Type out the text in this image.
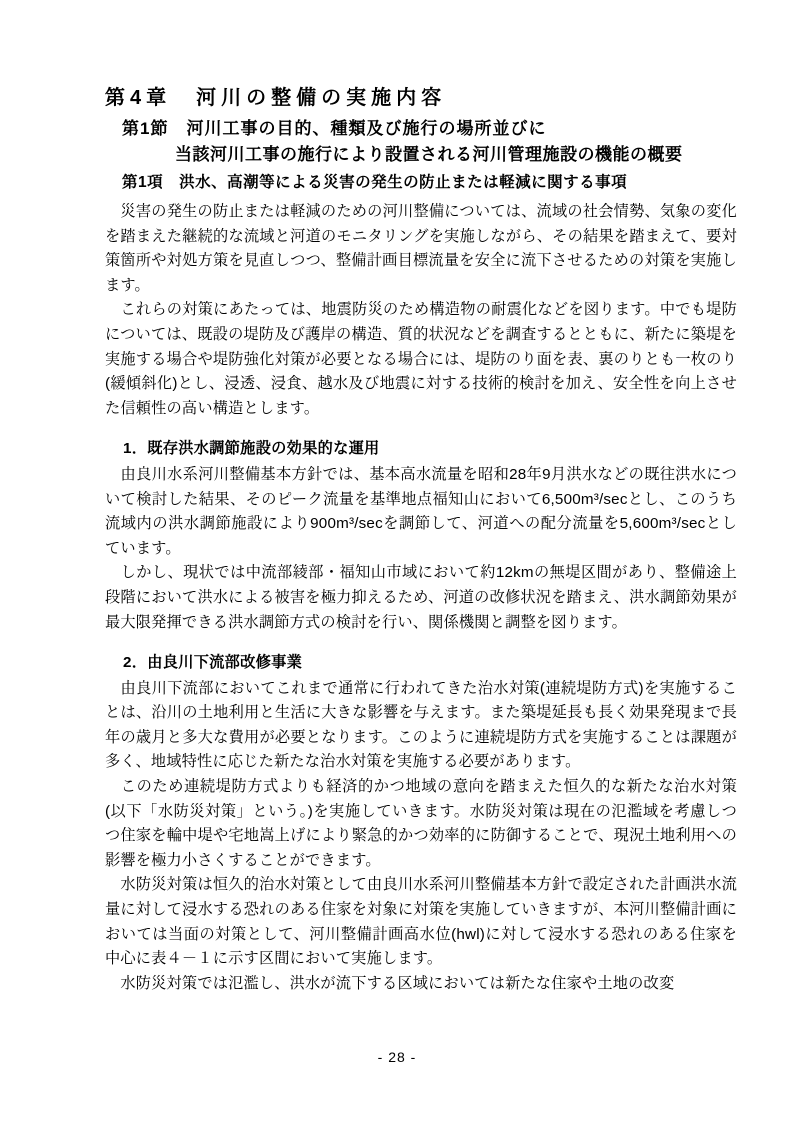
第4章　河川の整備の実施内容
第1節　河川工事の目的、種類及び施行の場所並びに
当該河川工事の施行により設置される河川管理施設の機能の概要
第1項　洪水、高潮等による災害の発生の防止または軽減に関する事項

　災害の発生の防止または軽減のための河川整備については、流域の社会情勢、気象の変化を踏まえた継続的な流域と河道のモニタリングを実施しながら、その結果を踏まえて、要対策箇所や対処方策を見直しつつ、整備計画目標流量を安全に流下させるための対策を実施します。

　これらの対策にあたっては、地震防災のため構造物の耐震化などを図ります。中でも堤防については、既設の堤防及び護岸の構造、質的状況などを調査するとともに、新たに築堤を実施する場合や堤防強化対策が必要となる場合には、堤防のり面を表、裏のりとも一枚のり(緩傾斜化)とし、浸透、浸食、越水及び地震に対する技術的検討を加え、安全性を向上させた信頼性の高い構造とします。

1．既存洪水調節施設の効果的な運用

　由良川水系河川整備基本方針では、基本高水流量を昭和28年9月洪水などの既往洪水について検討した結果、そのピーク流量を基準地点福知山において6,500m³/secとし、このうち流域内の洪水調節施設により900m³/secを調節して、河道への配分流量を5,600m³/secとしています。

　しかし、現状では中流部綾部・福知山市域において約12kmの無堤区間があり、整備途上段階において洪水による被害を極力抑えるため、河道の改修状況を踏まえ、洪水調節効果が最大限発揮できる洪水調節方式の検討を行い、関係機関と調整を図ります。

2．由良川下流部改修事業

　由良川下流部においてこれまで通常に行われてきた治水対策(連続堤防方式)を実施することは、沿川の土地利用と生活に大きな影響を与えます。また築堤延長も長く効果発現まで長年の歳月と多大な費用が必要となります。このように連続堤防方式を実施することは課題が多く、地域特性に応じた新たな治水対策を実施する必要があります。

　このため連続堤防方式よりも経済的かつ地域の意向を踏まえた恒久的な新たな治水対策(以下「水防災対策」という。)を実施していきます。水防災対策は現在の氾濫域を考慮しつつ住家を輪中堤や宅地嵩上げにより緊急的かつ効率的に防御することで、現況土地利用への影響を極力小さくすることができます。

　水防災対策は恒久的治水対策として由良川水系河川整備基本方針で設定された計画洪水流量に対して浸水する恐れのある住家を対象に対策を実施していきますが、本河川整備計画においては当面の対策として、河川整備計画高水位(hwl)に対して浸水する恐れのある住家を中心に表４－１に示す区間において実施します。

　水防災対策では氾濫し、洪水が流下する区域においては新たな住家や土地の改変

- 28 -
